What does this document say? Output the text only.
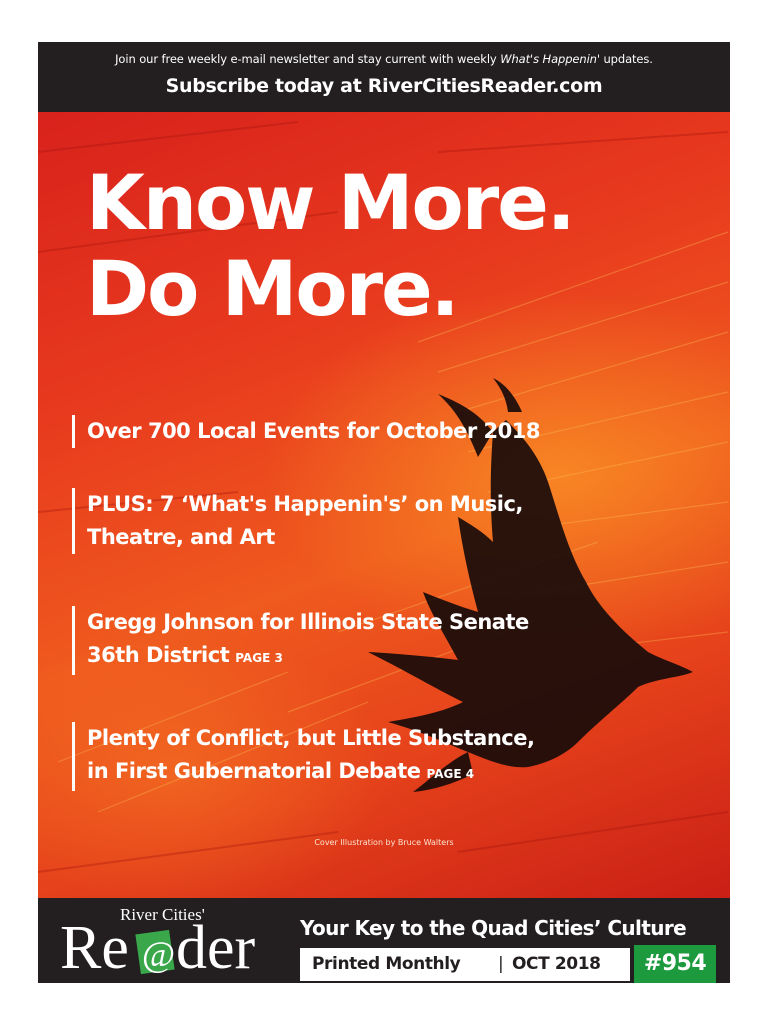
Join our free weekly e-mail newsletter and stay current with weekly What's Happenin' updates.
Subscribe today at RiverCitiesReader.com
Know More.
Do More.
Over 700 Local Events for October 2018
PLUS: 7 ‘What's Happenin's’ on Music,
Theatre, and Art
Gregg Johnson for Illinois State Senate
36th District PAGE 3
Plenty of Conflict, but Little Substance,
in First Gubernatorial Debate PAGE 4
Cover Illustration by Bruce Walters
River Cities'
Re @ der Your Key to the Quad Cities’ Culture
Printed Monthly | OCT 2018	#954
